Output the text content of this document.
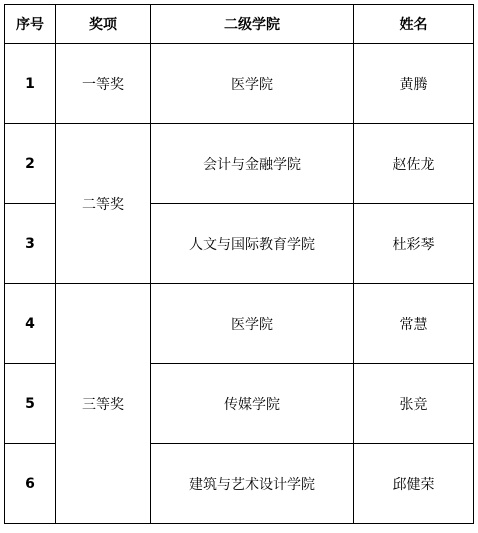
序号	奖项	二级学院	姓名
1	一等奖	医学院	黄腾
2	二等奖	会计与金融学院	赵佐龙
3		人文与国际教育学院	杜彩琴
4	三等奖	医学院	常慧
5		传媒学院	张竞
6		建筑与艺术设计学院	邱健荣
